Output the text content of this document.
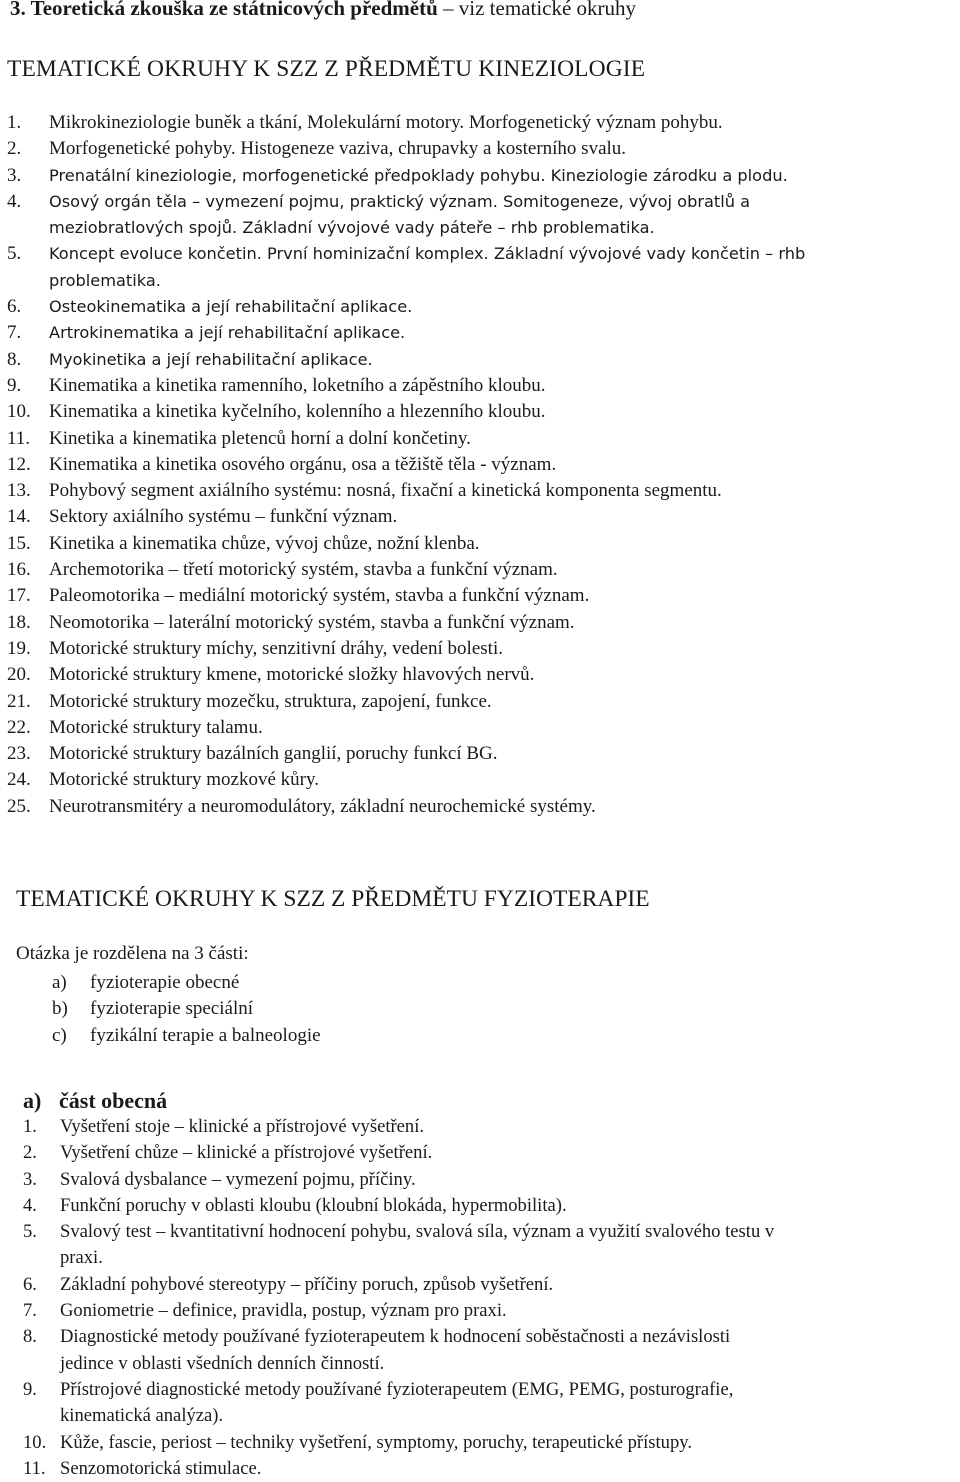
3. Teoretická zkouška ze státnicových předmětů – viz tematické okruhy
TEMATICKÉ OKRUHY K SZZ Z PŘEDMĚTU KINEZIOLOGIE
1. Mikrokineziologie buněk a tkání, Molekulární motory. Morfogenetický význam pohybu.
2. Morfogenetické pohyby. Histogeneze vaziva, chrupavky a kosterního svalu.
3. Prenatální kineziologie, morfogenetické předpoklady pohybu. Kineziologie zárodku a plodu.
4. Osový orgán těla – vymezení pojmu, praktický význam. Somitogeneze, vývoj obratlů a
meziobratlových spojů. Základní vývojové vady páteře – rhb problematika.
5. Koncept evoluce končetin. První hominizační komplex. Základní vývojové vady končetin – rhb
problematika.
6. Osteokinematika a její rehabilitační aplikace.
7. Artrokinematika a její rehabilitační aplikace.
8. Myokinetika a její rehabilitační aplikace.
9. Kinematika a kinetika ramenního, loketního a zápěstního kloubu.
10. Kinematika a kinetika kyčelního, kolenního a hlezenního kloubu.
11. Kinetika a kinematika pletenců horní a dolní končetiny.
12. Kinematika a kinetika osového orgánu, osa a těžiště těla - význam.
13. Pohybový segment axiálního systému: nosná, fixační a kinetická komponenta segmentu.
14. Sektory axiálního systému – funkční význam.
15. Kinetika a kinematika chůze, vývoj chůze, nožní klenba.
16. Archemotorika – třetí motorický systém, stavba a funkční význam.
17. Paleomotorika – mediální motorický systém, stavba a funkční význam.
18. Neomotorika – laterální motorický systém, stavba a funkční význam.
19. Motorické struktury míchy, senzitivní dráhy, vedení bolesti.
20. Motorické struktury kmene, motorické složky hlavových nervů.
21. Motorické struktury mozečku, struktura, zapojení, funkce.
22. Motorické struktury talamu.
23. Motorické struktury bazálních ganglií, poruchy funkcí BG.
24. Motorické struktury mozkové kůry.
25. Neurotransmitéry a neuromodulátory, základní neurochemické systémy.
TEMATICKÉ OKRUHY K SZZ Z PŘEDMĚTU FYZIOTERAPIE
Otázka je rozdělena na 3 části:
a) fyzioterapie obecné
b) fyzioterapie speciální
c) fyzikální terapie a balneologie
a) část obecná
1. Vyšetření stoje – klinické a přístrojové vyšetření.
2. Vyšetření chůze – klinické a přístrojové vyšetření.
3. Svalová dysbalance – vymezení pojmu, příčiny.
4. Funkční poruchy v oblasti kloubu (kloubní blokáda, hypermobilita).
5. Svalový test – kvantitativní hodnocení pohybu, svalová síla, význam a využití svalového testu v
praxi.
6. Základní pohybové stereotypy – příčiny poruch, způsob vyšetření.
7. Goniometrie – definice, pravidla, postup, význam pro praxi.
8. Diagnostické metody používané fyzioterapeutem k hodnocení soběstačnosti a nezávislosti
jedince v oblasti všedních denních činností.
9. Přístrojové diagnostické metody používané fyzioterapeutem (EMG, PEMG, posturografie,
kinematická analýza).
10. Kůže, fascie, periost – techniky vyšetření, symptomy, poruchy, terapeutické přístupy.
11. Senzomotorická stimulace.
